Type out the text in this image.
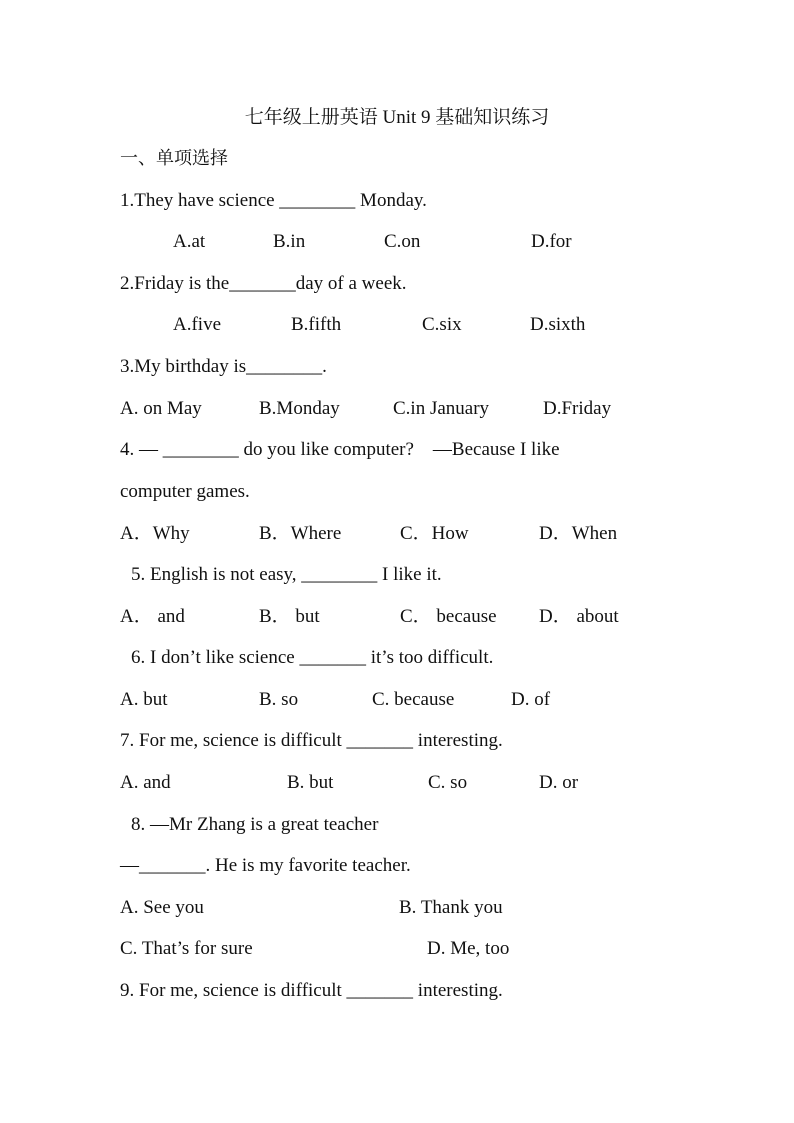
七年级上册英语 Unit 9 基础知识练习
一、单项选择
1.They have science ________ Monday.
A.at	B.in	C.on	D.for
2.Friday is the_______day of a week.
A.five	B.fifth	C.six	D.sixth
3.My birthday is________.
A. on May	B.Monday	C.in January	D.Friday
4. — ________ do you like computer?    —Because I like
computer games.
A．Why	B．Where	C．How	D．When
5. English is not easy, ________ I like it.
A． and	B． but	C． because D． about
6. I don’t like science _______ it’s too difficult.
A. but	B. so	C. because	D. of
7. For me, science is difficult _______ interesting.
A. and	B. but	C. so	D. or
8. —Mr Zhang is a great teacher
—_______. He is my favorite teacher.
A. See you	B. Thank you
C. That’s for sure	D. Me, too
9. For me, science is difficult _______ interesting.
